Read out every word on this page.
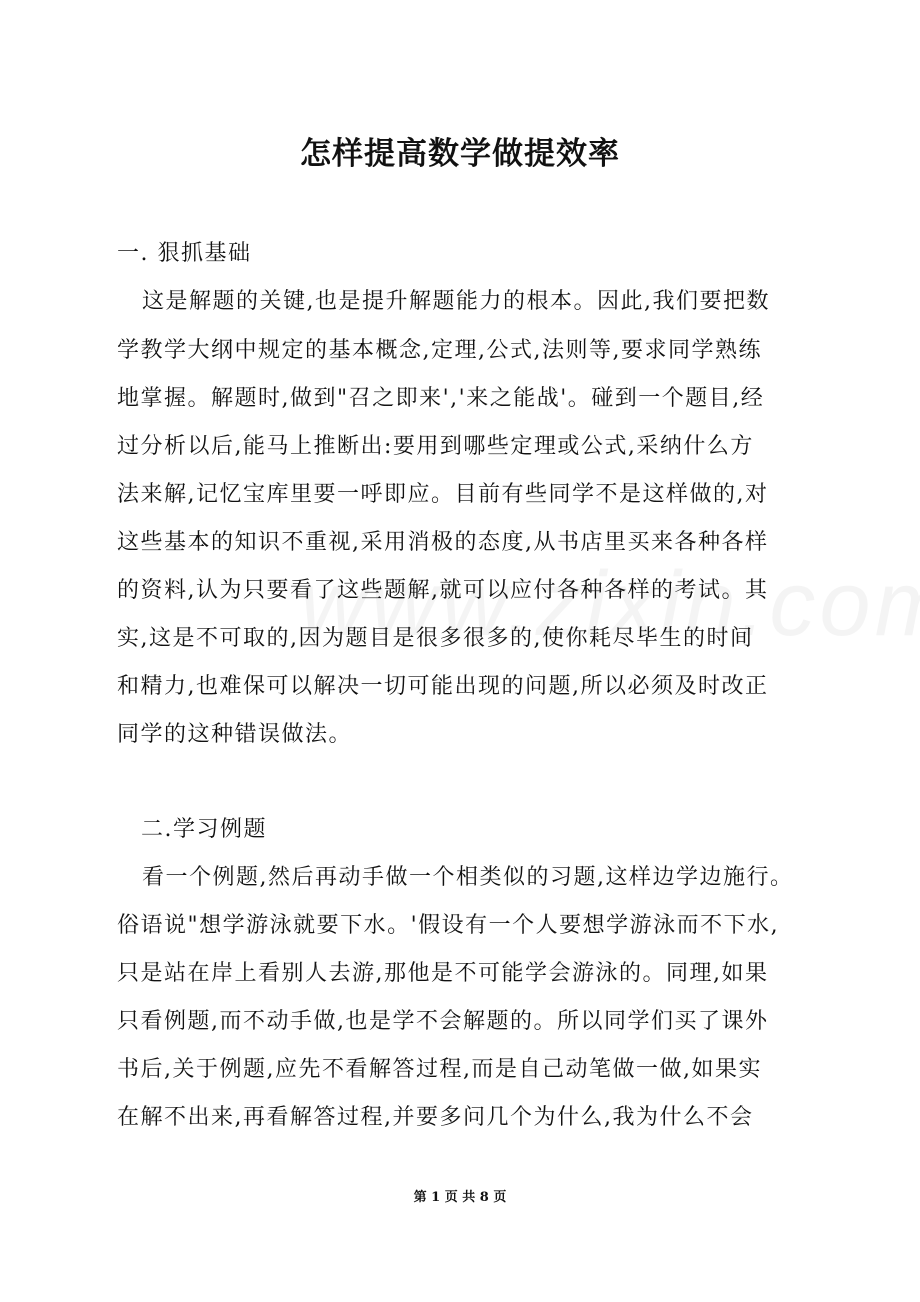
怎样提高数学做提效率
一. 狠抓基础
这是解题的关键,也是提升解题能力的根本。因此,我们要把数
学教学大纲中规定的基本概念,定理,公式,法则等,要求同学熟练
地掌握。解题时,做到"召之即来','来之能战'。碰到一个题目,经
过分析以后,能马上推断出:要用到哪些定理或公式,采纳什么方
法来解,记忆宝库里要一呼即应。目前有些同学不是这样做的,对
这些基本的知识不重视,采用消极的态度,从书店里买来各种各样
的资料,认为只要看了这些题解,就可以应付各种各样的考试。其
实,这是不可取的,因为题目是很多很多的,使你耗尽毕生的时间
和精力,也难保可以解决一切可能出现的问题,所以必须及时改正
同学的这种错误做法。
二.学习例题
看一个例题,然后再动手做一个相类似的习题,这样边学边施行。
俗语说"想学游泳就要下水。'假设有一个人要想学游泳而不下水,
只是站在岸上看别人去游,那他是不可能学会游泳的。同理,如果
只看例题,而不动手做,也是学不会解题的。所以同学们买了课外
书后,关于例题,应先不看解答过程,而是自己动笔做一做,如果实
在解不出来,再看解答过程,并要多问几个为什么,我为什么不会
第 1 页 共 8 页
